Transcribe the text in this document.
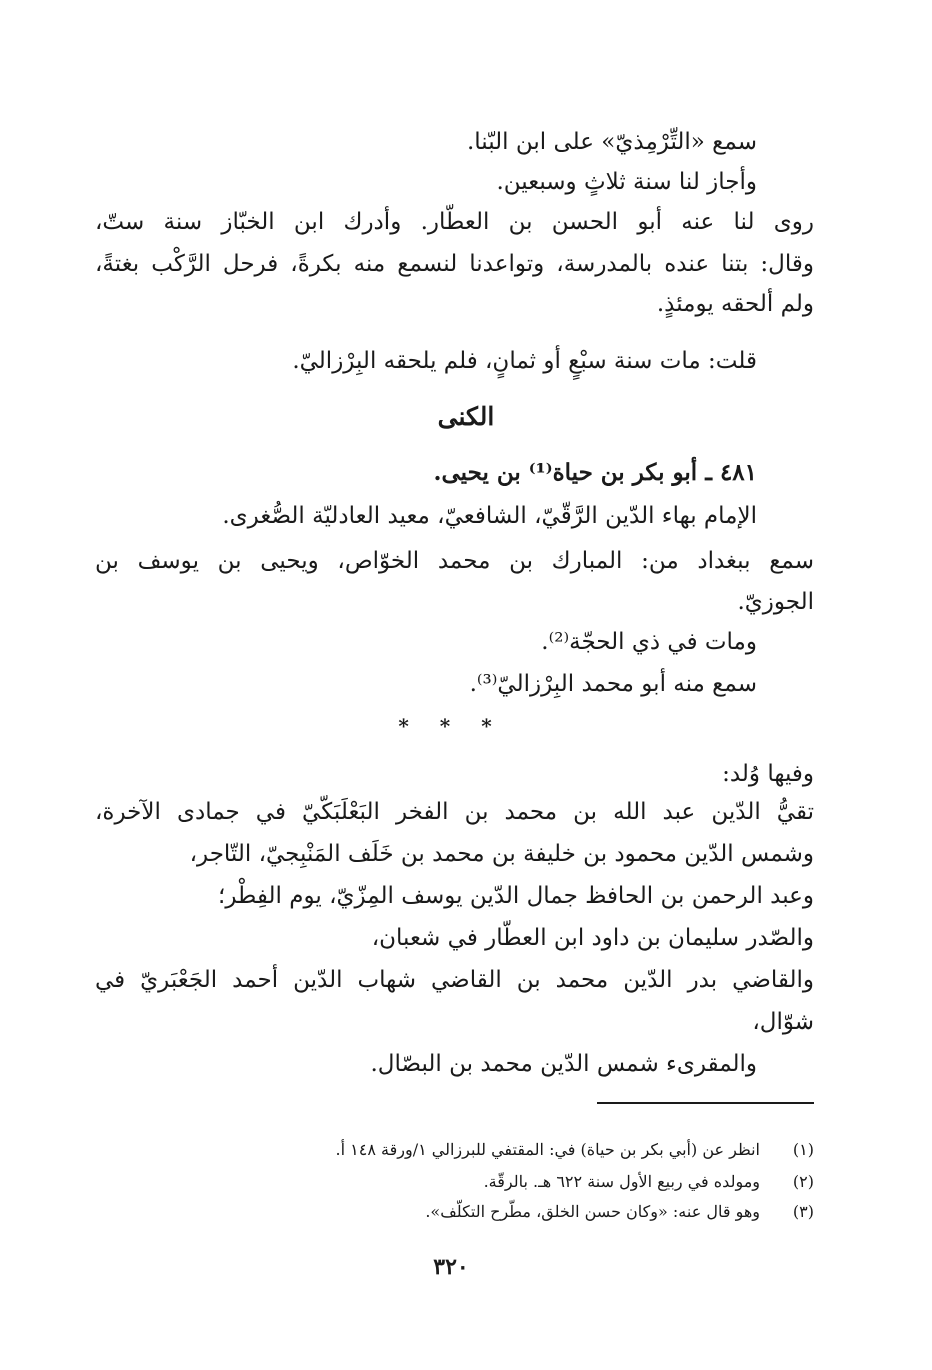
سمع «التِّرْمِذيّ» على ابن البّنا.
وأجاز لنا سنة ثلاثٍ وسبعين.
روى لنا عنه أبو الحسن بن العطّار. وأدرك ابن الخبّاز سنة ستّ،
وقال: بتنا عنده بالمدرسة، وتواعدنا لنسمع منه بكرةً، فرحل الرَّكْب بغتةً،
ولم ألحقه يومئذٍ.
قلت: مات سنة سبْعٍ أو ثمانٍ، فلم يلحقه البِرْزاليّ.
الكنى
٤٨١ ـ أبو بكر بن حياة⁽¹⁾ بن يحيى.
الإمام بهاء الدّين الرَّقّيّ، الشافعيّ، معيد العادليّة الصُّغرى.
سمع ببغداد من: المبارك بن محمد الخوّاص، ويحيى بن يوسف بن
الجوزيّ.
ومات في ذي الحجّة⁽²⁾.
سمع منه أبو محمد البِرْزاليّ⁽³⁾.
* * *
وفيها وُلد:
تقيُّ الدّين عبد الله بن محمد بن الفخر البَعْلَبَكّيّ في جمادى الآخرة،
وشمس الدّين محمود بن خليفة بن محمد بن خَلَف المَنْبِجيّ، التّاجر،
وعبد الرحمن بن الحافظ جمال الدّين يوسف المِزّيّ، يوم الفِطْر؛
والصّدر سليمان بن داود ابن العطّار في شعبان،
والقاضي بدر الدّين محمد بن القاضي شهاب الدّين أحمد الجَعْبَريّ في
شوّال،
والمقرىء شمس الدّين محمد بن البصّال.
(١)انظر عن (أبي بكر بن حياة) في: المقتفي للبرزالي ١/ورقة ١٤٨ أ.
(٢)ومولده في ربيع الأول سنة ٦٢٢ هـ. بالرقّة.
(٣)وهو قال عنه: «وكان حسن الخلق، مطّرح التكلّف».
٣٢٠
